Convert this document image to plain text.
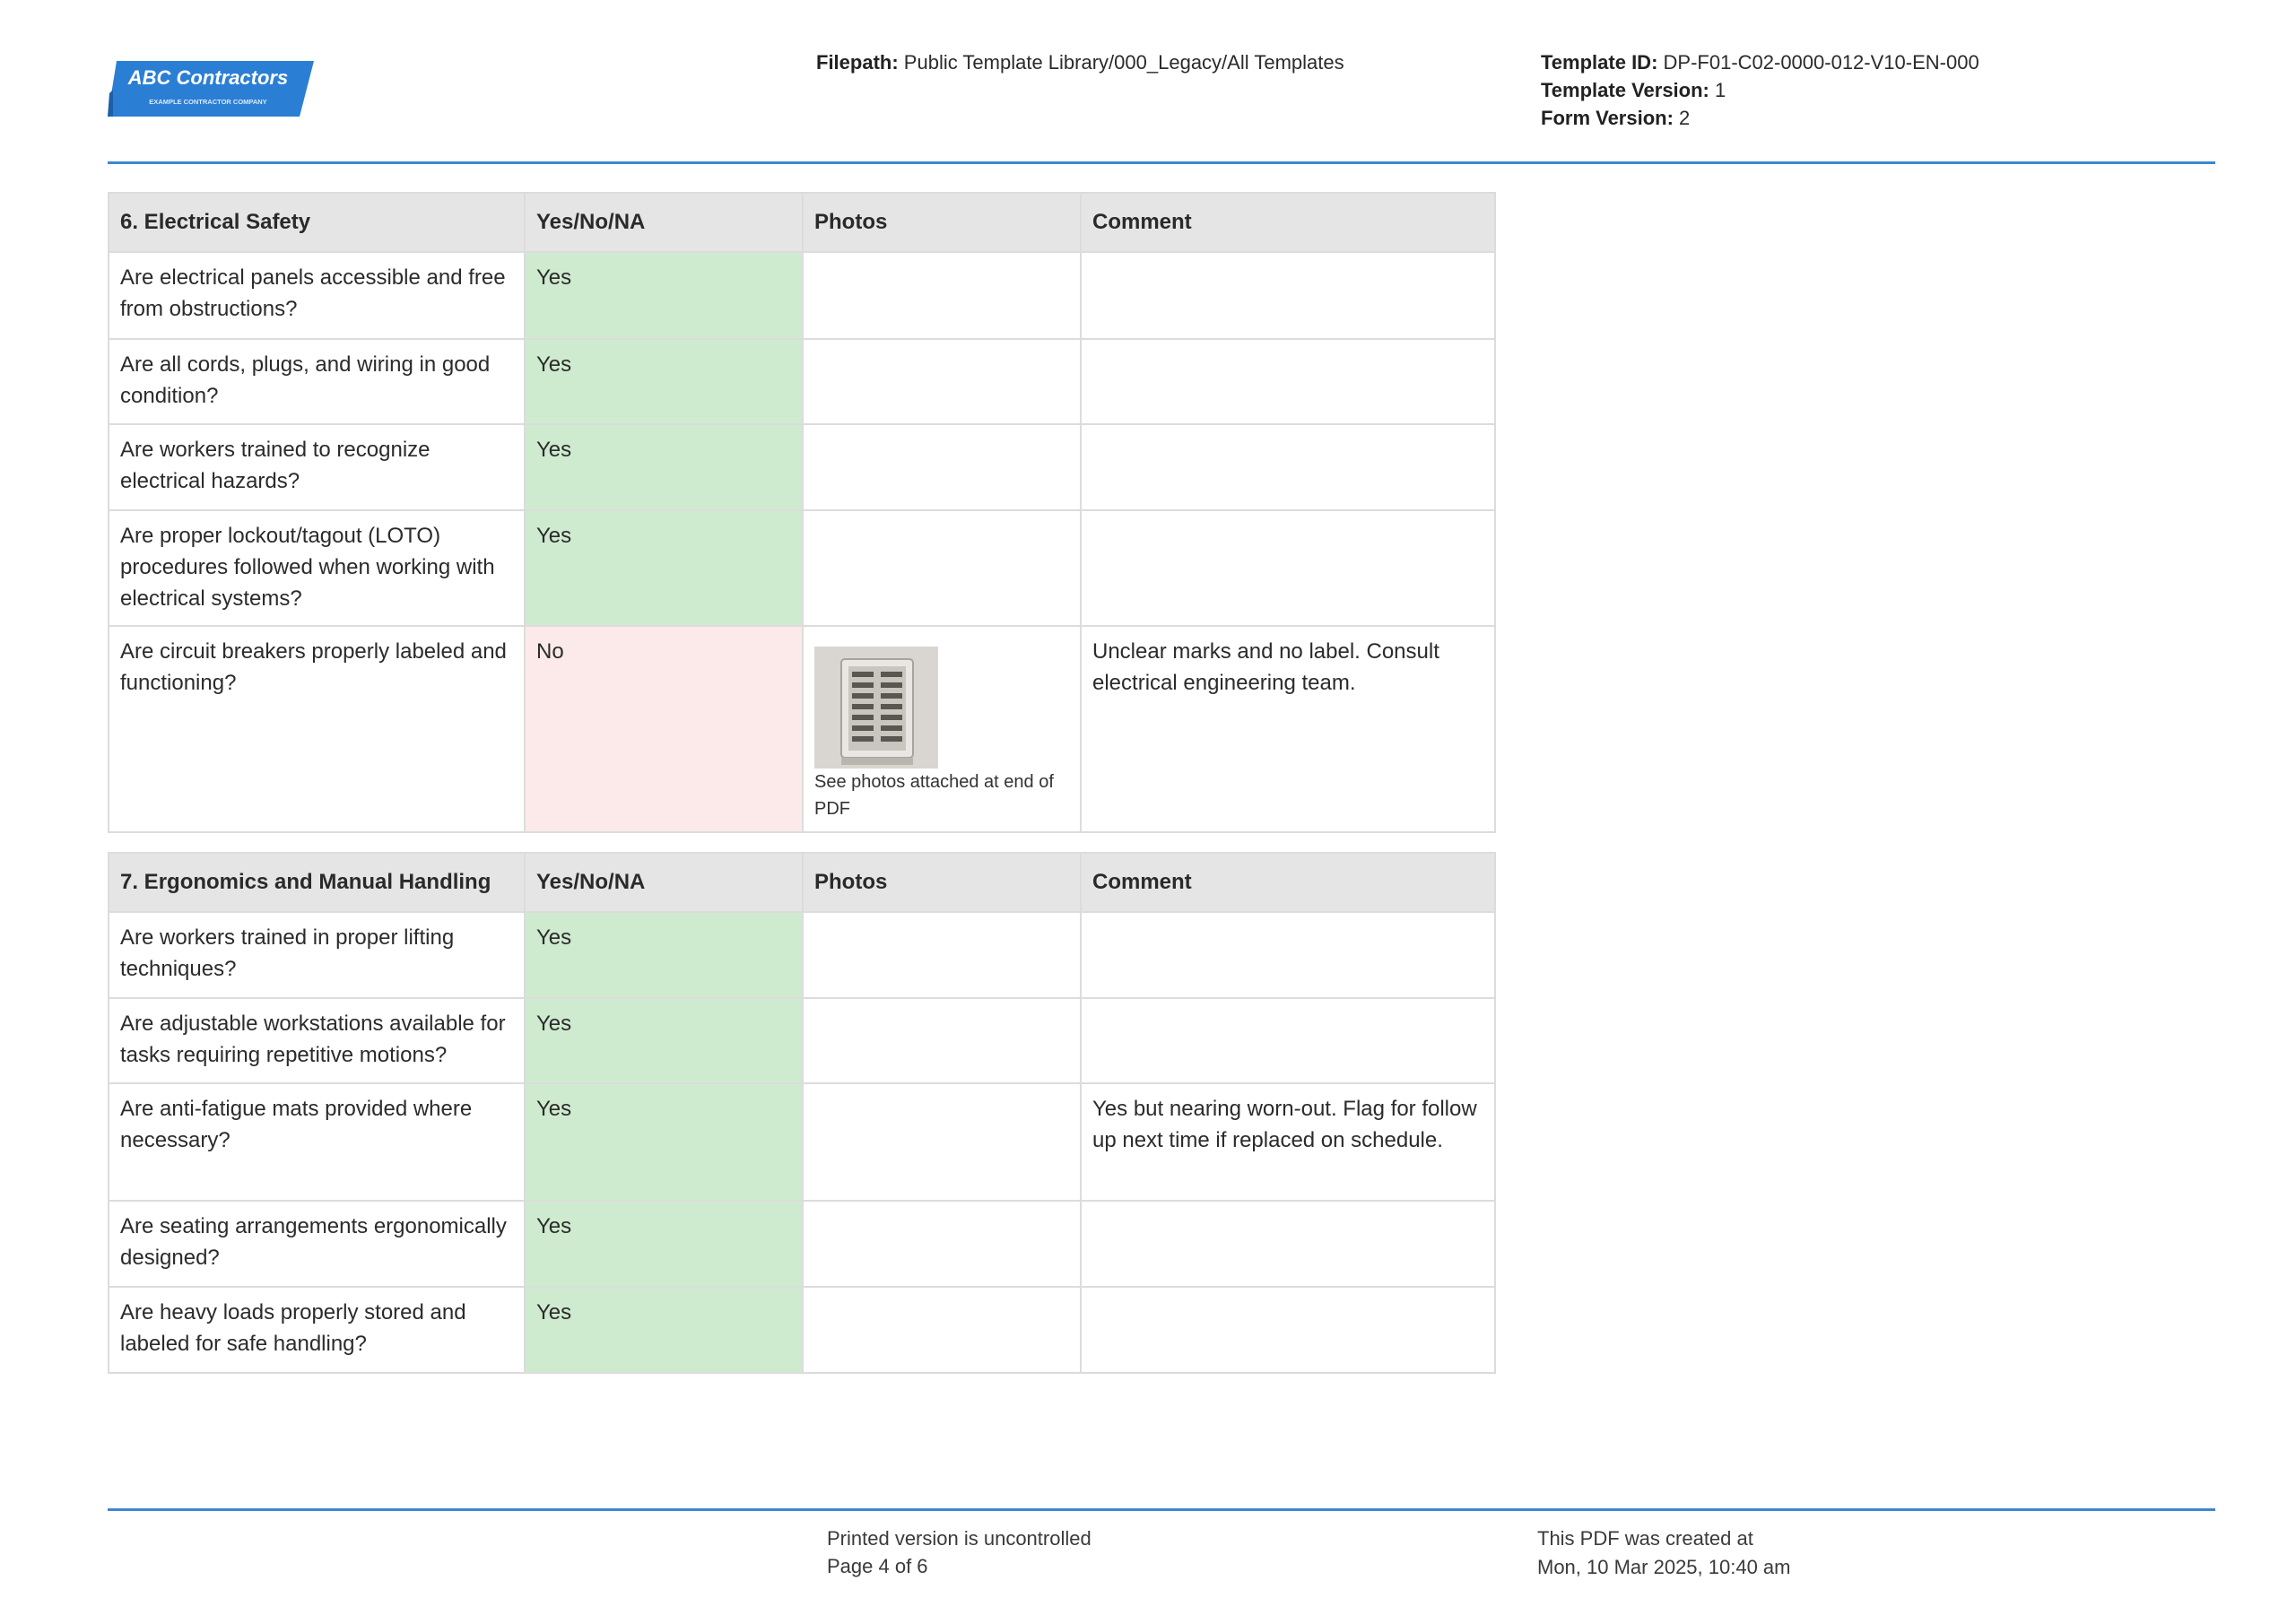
ABC Contractors
EXAMPLE CONTRACTOR COMPANY
Filepath: Public Template Library/000_Legacy/All Templates	Template ID: DP-F01-C02-0000-012-V10-EN-000
Template Version: 1
Form Version: 2
6. Electrical Safety	Yes/No/NA	Photos	Comment
Are electrical panels accessible and free from obstructions?	Yes		
Are all cords, plugs, and wiring in good condition?	Yes		
Are workers trained to recognize electrical hazards?	Yes		
Are proper lockout/tagout (LOTO) procedures followed when working with electrical systems?	Yes		
Are circuit breakers properly labeled and functioning?	No	See photos attached at end of PDF	Unclear marks and no label. Consult electrical engineering team.
7. Ergonomics and Manual Handling	Yes/No/NA	Photos	Comment
Are workers trained in proper lifting techniques?	Yes		
Are adjustable workstations available for tasks requiring repetitive motions?	Yes		
Are anti-fatigue mats provided where necessary?	Yes		Yes but nearing worn-out. Flag for follow up next time if replaced on schedule.
Are seating arrangements ergonomically designed?	Yes		
Are heavy loads properly stored and labeled for safe handling?	Yes		
Printed version is uncontrolled
Page 4 of 6
This PDF was created at
Mon, 10 Mar 2025, 10:40 am
